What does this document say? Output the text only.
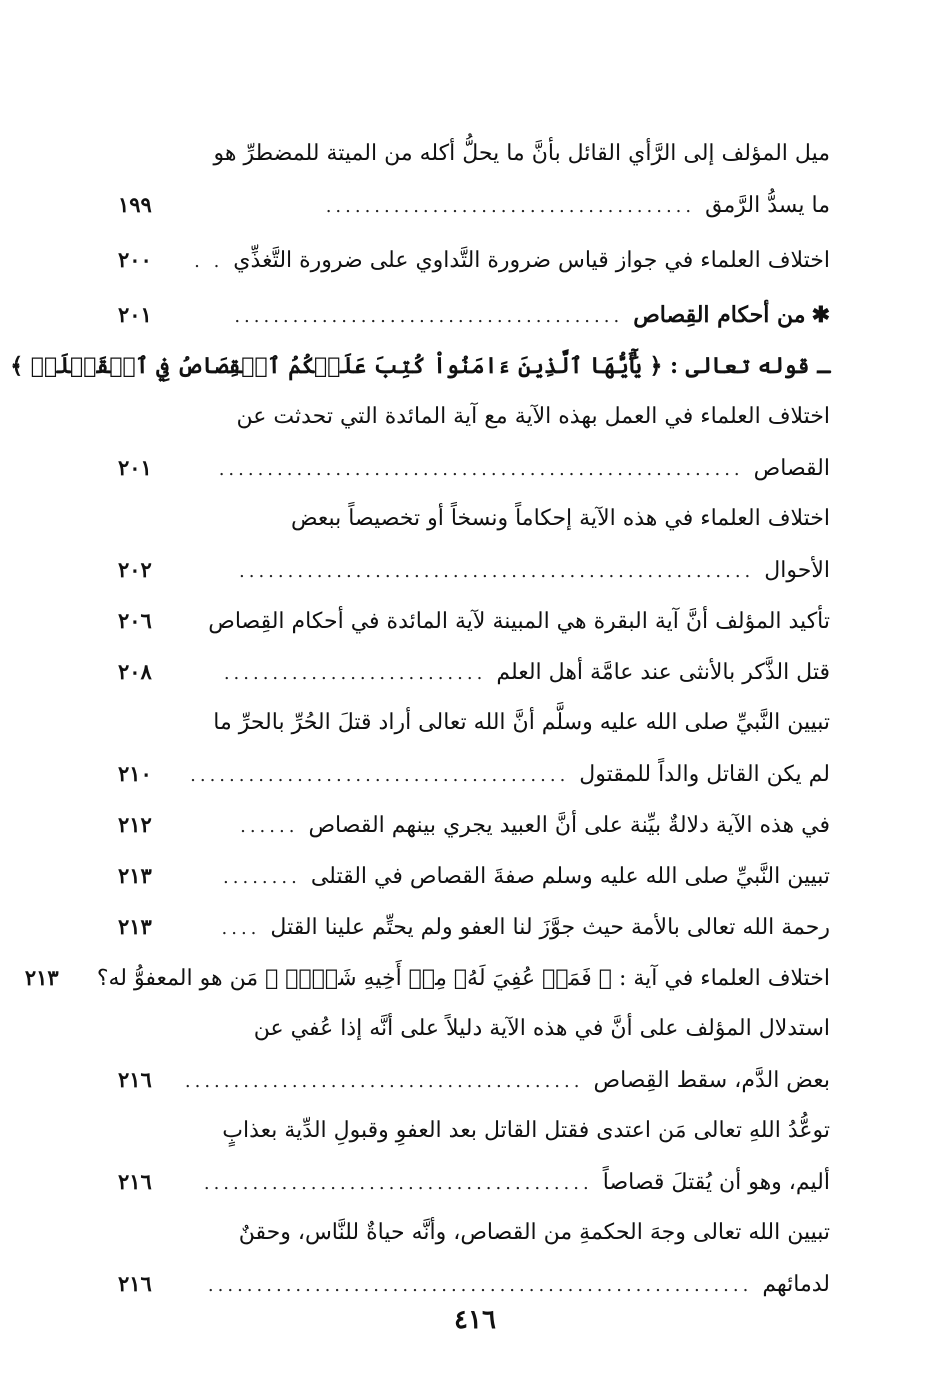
ميل المؤلف إلى الرَّأي القائل بأنَّ ما يحلُّ أكله من الميتة للمضطرِّ هو
ما يسدُّ الرَّمق
......................................
١٩٩
اختلاف العلماء في جواز قياس ضرورة التَّداوي على ضرورة التَّغذِّي
. .
٢٠٠
✱من أحكام القِصاص
........................................
٢٠١
ـ قوله تعالى : ﴿ يَٰٓأَيُّهَا ٱلَّذِينَ ءَامَنُواْ كُتِبَ عَلَيۡكُمُ ٱلۡقِصَاصُ فِي ٱلۡقَتۡلَىۖ ﴾
اختلاف العلماء في العمل بهذه الآية مع آية المائدة التي تحدثت عن
القصاص
......................................................
٢٠١
اختلاف العلماء في هذه الآية إحكاماً ونسخاً أو تخصيصاً ببعض
الأحوال
.....................................................
٢٠٢
تأكيد المؤلف أنَّ آية البقرة هي المبينة لآية المائدة في أحكام القِصاص
٢٠٦
قتل الذَّكر بالأنثى عند عامَّة أهل العلم
...........................
٢٠٨
تبيين النَّبيِّ صلى الله عليه وسلَّم أنَّ الله تعالى أراد قتلَ الحُرِّ بالحرِّ ما
لم يكن القاتل والداً للمقتول
.......................................
٢١٠
في هذه الآية دلالةٌ بيِّنة على أنَّ العبيد يجري بينهم القصاص
......
٢١٢
تبيين النَّبيِّ صلى الله عليه وسلم صفةَ القصاص في القتلى
........
٢١٣
رحمة الله تعالى بالأمة حيث جوَّزَ لنا العفو ولم يحتِّم علينا القتل
....
٢١٣
اختلاف العلماء في آية : ﴿ فَمَنۡ عُفِيَ لَهُۥ مِنۡ أَخِيهِ شَيۡءٞ ﴾ مَن هو المعفوُّ له؟
٢١٣
استدلال المؤلف على أنَّ في هذه الآية دليلاً على أنَّه إذا عُفي عن
بعض الدَّم، سقط القِصاص
.........................................
٢١٦
توعُّدُ اللهِ تعالى مَن اعتدى فقتل القاتل بعد العفوِ وقبولِ الدِّية بعذابٍ
أليم، وهو أن يُقتلَ قصاصاً
........................................
٢١٦
تبيين الله تعالى وجهَ الحكمةِ من القصاص، وأنَّه حياةٌ للنَّاس، وحقنٌ
لدمائهم
........................................................
٢١٦
٤١٦
